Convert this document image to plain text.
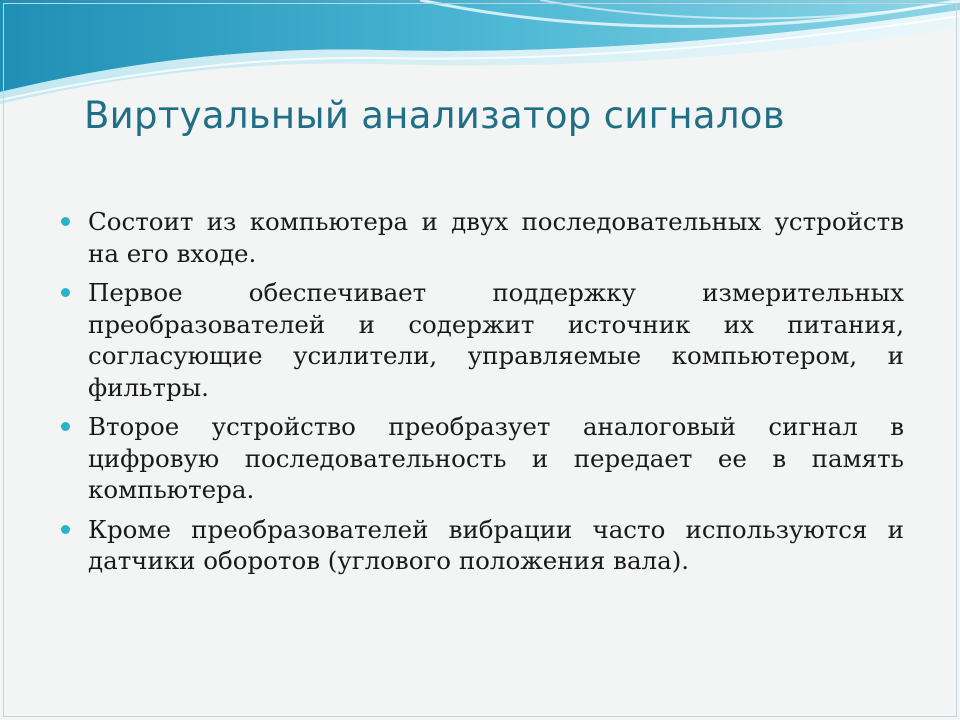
Виртуальный анализатор сигналов
Состоит из компьютера и двух последовательных устройств на его входе.
Первое обеспечивает поддержку измерительных преобразователей и содержит источник их питания, согласующие усилители, управляемые компьютером, и фильтры.
Второе устройство преобразует аналоговый сигнал в цифровую последовательность и передает ее в память компьютера.
Кроме преобразователей вибрации часто используются и датчики оборотов (углового положения вала).
